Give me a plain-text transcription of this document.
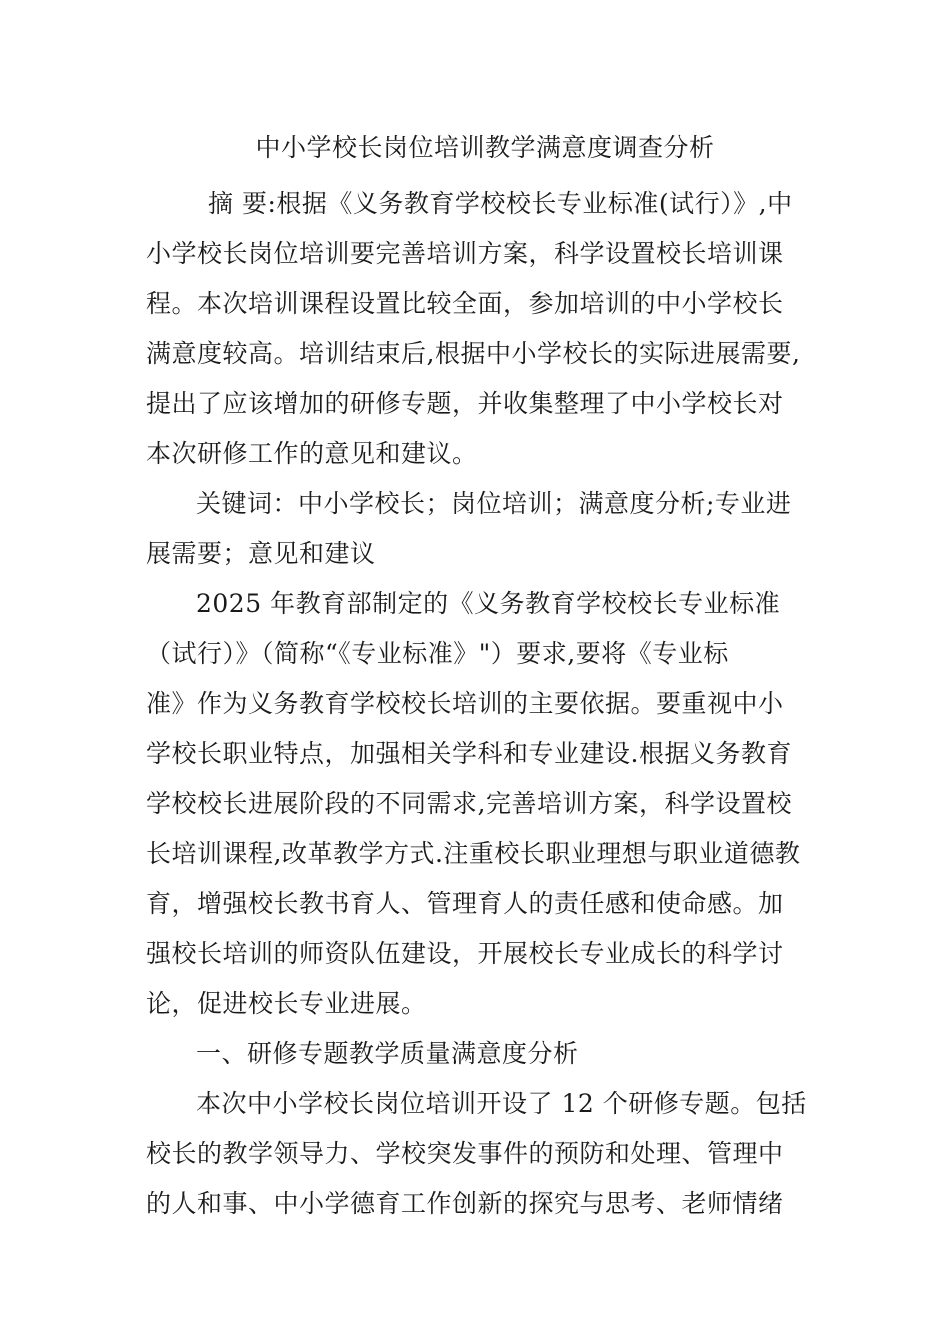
中小学校长岗位培训教学满意度调查分析
摘 要:根据《义务教育学校校长专业标准(试行）》,中
小学校长岗位培训要完善培训方案，科学设置校长培训课
程。本次培训课程设置比较全面，参加培训的中小学校长
满意度较高。培训结束后,根据中小学校长的实际进展需要,
提出了应该增加的研修专题，并收集整理了中小学校长对
本次研修工作的意见和建议。
关键词：中小学校长；岗位培训；满意度分析;专业进
展需要；意见和建议
2025 年教育部制定的《义务教育学校校长专业标准
（试行）》（简称“《专业标准》"）要求,要将《专业标
准》作为义务教育学校校长培训的主要依据。要重视中小
学校长职业特点，加强相关学科和专业建设.根据义务教育
学校校长进展阶段的不同需求,完善培训方案，科学设置校
长培训课程,改革教学方式.注重校长职业理想与职业道德教
育，增强校长教书育人、管理育人的责任感和使命感。加
强校长培训的师资队伍建设，开展校长专业成长的科学讨
论，促进校长专业进展。
一、研修专题教学质量满意度分析
本次中小学校长岗位培训开设了 12 个研修专题。包括
校长的教学领导力、学校突发事件的预防和处理、管理中
的人和事、中小学德育工作创新的探究与思考、老师情绪
